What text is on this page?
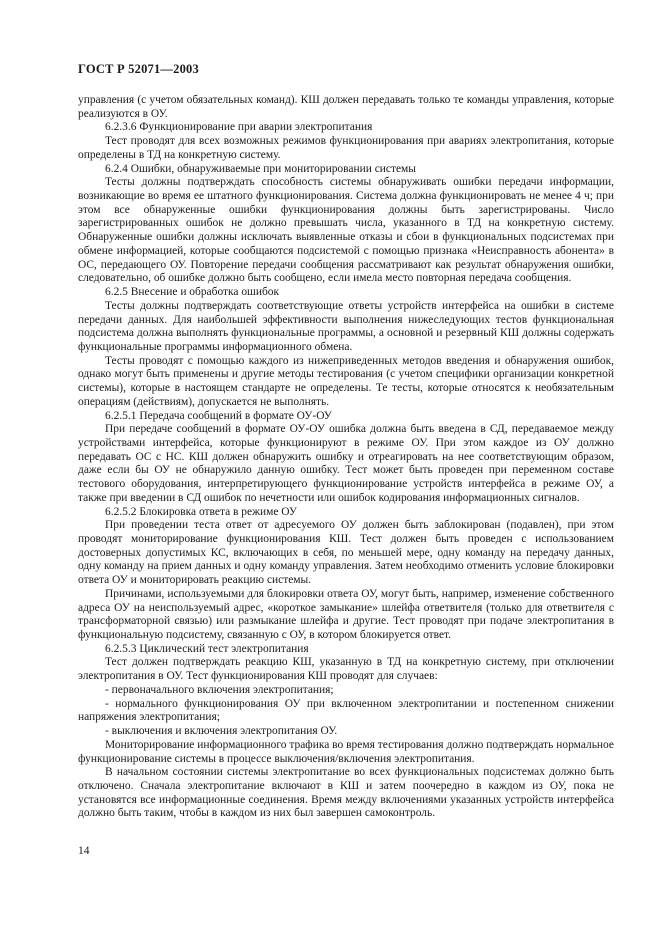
ГОСТ Р 52071—2003

управления (с учетом обязательных команд). КШ должен передавать только те команды управления, которые реализуются в ОУ.

6.2.3.6 Функционирование при аварии электропитания

Тест проводят для всех возможных режимов функционирования при авариях электропитания, которые определены в ТД на конкретную систему.

6.2.4 Ошибки, обнаруживаемые при мониторировании системы

Тесты должны подтверждать способность системы обнаруживать ошибки передачи информации, возникающие во время ее штатного функционирования. Система должна функционировать не менее 4 ч; при этом все обнаруженные ошибки функционирования должны быть зарегистрированы. Число зарегистрированных ошибок не должно превышать числа, указанного в ТД на конкретную систему. Обнаруженные ошибки должны исключать выявленные отказы и сбои в функциональных подсистемах при обмене информацией, которые сообщаются подсистемой с помощью признака «Неисправность абонента» в ОС, передающего ОУ. Повторение передачи сообщения рассматривают как результат обнаружения ошибки, следовательно, об ошибке должно быть сообщено, если имела место повторная передача сообщения.

6.2.5 Внесение и обработка ошибок

Тесты должны подтверждать соответствующие ответы устройств интерфейса на ошибки в системе передачи данных. Для наибольшей эффективности выполнения нижеследующих тестов функциональная подсистема должна выполнять функциональные программы, а основной и резервный КШ должны содержать функциональные программы информационного обмена.

Тесты проводят с помощью каждого из нижеприведенных методов введения и обнаружения ошибок, однако могут быть применены и другие методы тестирования (с учетом специфики организации конкретной системы), которые в настоящем стандарте не определены. Те тесты, которые относятся к необязательным операциям (действиям), допускается не выполнять.

6.2.5.1 Передача сообщений в формате ОУ-ОУ

При передаче сообщений в формате ОУ-ОУ ошибка должна быть введена в СД, передаваемое между устройствами интерфейса, которые функционируют в режиме ОУ. При этом каждое из ОУ должно передавать ОС с НС. КШ должен обнаружить ошибку и отреагировать на нее соответствующим образом, даже если бы ОУ не обнаружило данную ошибку. Тест может быть проведен при переменном составе тестового оборудования, интерпретирующего функционирование устройств интерфейса в режиме ОУ, а также при введении в СД ошибок по нечетности или ошибок кодирования информационных сигналов.

6.2.5.2 Блокировка ответа в режиме ОУ

При проведении теста ответ от адресуемого ОУ должен быть заблокирован (подавлен), при этом проводят мониторирование функционирования КШ. Тест должен быть проведен с использованием достоверных допустимых КС, включающих в себя, по меньшей мере, одну команду на передачу данных, одну команду на прием данных и одну команду управления. Затем необходимо отменить условие блокировки ответа ОУ и мониторировать реакцию системы.

Причинами, используемыми для блокировки ответа ОУ, могут быть, например, изменение собственного адреса ОУ на неиспользуемый адрес, «короткое замыкание» шлейфа ответвителя (только для ответвителя с трансформаторной связью) или размыкание шлейфа и другие. Тест проводят при подаче электропитания в функциональную подсистему, связанную с ОУ, в котором блокируется ответ.

6.2.5.3 Циклический тест электропитания

Тест должен подтверждать реакцию КШ, указанную в ТД на конкретную систему, при отключении электропитания в ОУ. Тест функционирования КШ проводят для случаев:

- первоначального включения электропитания;

- нормального функционирования ОУ при включенном электропитании и постепенном снижении напряжения электропитания;

- выключения и включения электропитания ОУ.

Мониторирование информационного трафика во время тестирования должно подтверждать нормальное функционирование системы в процессе выключения/включения электропитания.

В начальном состоянии системы электропитание во всех функциональных подсистемах должно быть отключено. Сначала электропитание включают в КШ и затем поочередно в каждом из ОУ, пока не установятся все информационные соединения. Время между включениями указанных устройств интерфейса должно быть таким, чтобы в каждом из них был завершен самоконтроль.

14
